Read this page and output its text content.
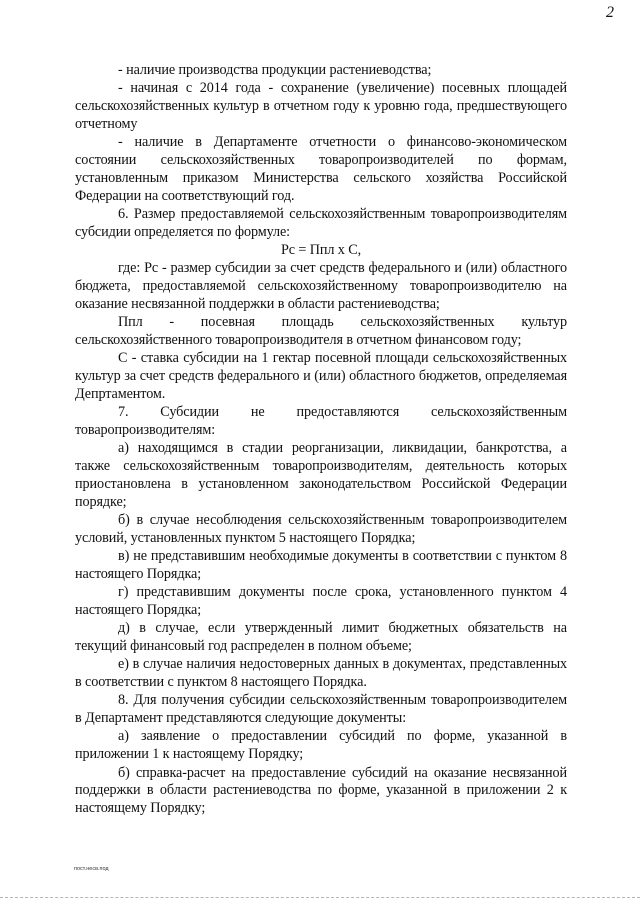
2

- наличие производства продукции растениеводства;

- начиная с 2014 года - сохранение (увеличение) посевных площадей сельскохозяйственных культур в отчетном году к уровню года, предшествующего отчетному

- наличие в Департаменте отчетности о финансово-экономическом состоянии сельскохозяйственных товаропроизводителей по формам, установленным приказом Министерства сельского хозяйства Российской Федерации на соответствующий год.

6. Размер предоставляемой сельскохозяйственным товаропроизводителям субсидии определяется по формуле:

Рс = Ппл х С,

где: Рс - размер субсидии за счет средств федерального и (или) областного бюджета, предоставляемой сельскохозяйственному товаропроизводителю на оказание несвязанной поддержки в области растениеводства;

Ппл - посевная площадь сельскохозяйственных культур сельскохозяйственного товаропроизводителя в отчетном финансовом году;

С - ставка субсидии на 1 гектар посевной площади сельскохозяйственных культур за счет средств федерального и (или) областного бюджетов, определяемая Депртаментом.

7. Субсидии не предоставляются сельскохозяйственным товаропроизводителям:

а) находящимся в стадии реорганизации, ликвидации, банкротства, а также сельскохозяйственным товаропроизводителям, деятельность которых приостановлена в установленном законодательством Российской Федерации порядке;

б) в случае несоблюдения сельскохозяйственным товаропроизводителем условий, установленных пунктом 5 настоящего Порядка;

в) не представившим необходимые документы в соответствии с пунктом 8 настоящего Порядка;

г) представившим документы после срока, установленного пунктом 4 настоящего Порядка;

д) в случае, если утвержденный лимит бюджетных обязательств на текущий финансовый год распределен в полном объеме;

е) в случае наличия недостоверных данных в документах, представленных в соответствии с пунктом 8 настоящего Порядка.

8. Для получения субсидии сельскохозяйственным товаропроизводителем в Департамент представляются следующие документы:

а) заявление о предоставлении субсидий по форме, указанной в приложении 1 к настоящему Порядку;

б) справка-расчет на предоставление субсидий на оказание несвязанной поддержки в области растениеводства по форме, указанной в приложении 2 к настоящему Порядку;

пост.несв.под
